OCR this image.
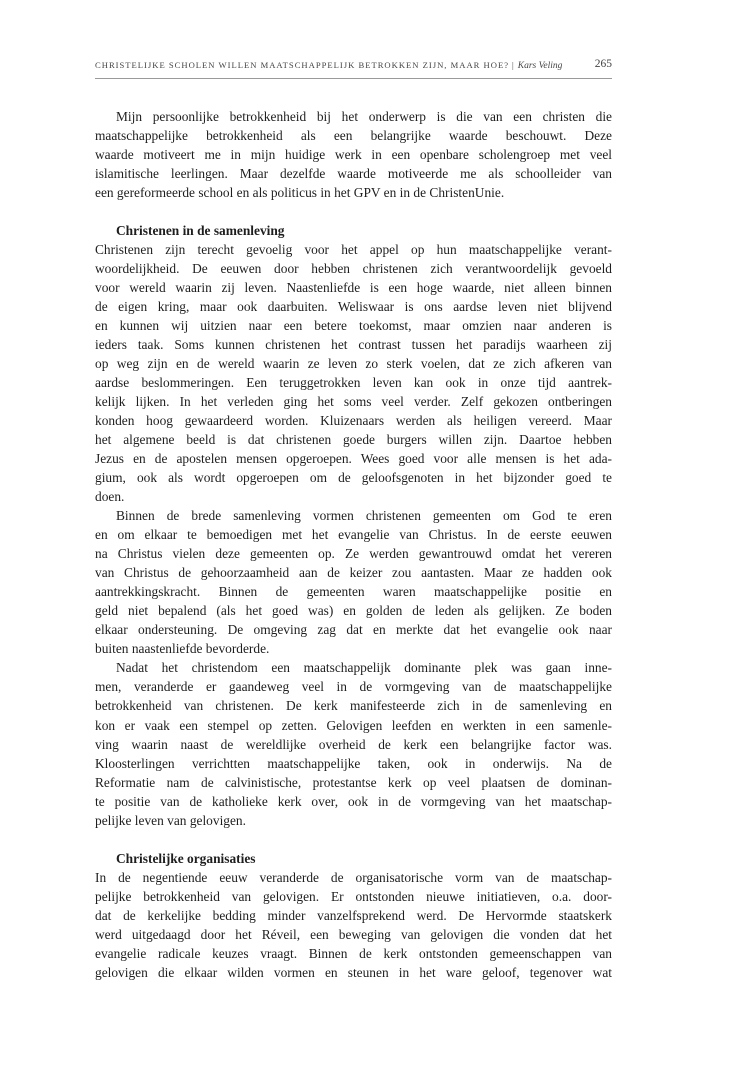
CHRISTELIJKE SCHOLEN WILLEN MAATSCHAPPELIJK BETROKKEN ZIJN, MAAR HOE? | Kars Veling	265
Mijn persoonlijke betrokkenheid bij het onderwerp is die van een christen die
maatschappelijke betrokkenheid als een belangrijke waarde beschouwt. Deze
waarde motiveert me in mijn huidige werk in een openbare scholengroep met veel
islamitische leerlingen. Maar dezelfde waarde motiveerde me als schoolleider van
een gereformeerde school en als politicus in het GPV en in de ChristenUnie.
Christenen in de samenleving
Christenen zijn terecht gevoelig voor het appel op hun maatschappelijke verant-
woordelijkheid. De eeuwen door hebben christenen zich verantwoordelijk gevoeld
voor wereld waarin zij leven. Naastenliefde is een hoge waarde, niet alleen binnen
de eigen kring, maar ook daarbuiten. Weliswaar is ons aardse leven niet blijvend
en kunnen wij uitzien naar een betere toekomst, maar omzien naar anderen is
ieders taak. Soms kunnen christenen het contrast tussen het paradijs waarheen zij
op weg zijn en de wereld waarin ze leven zo sterk voelen, dat ze zich afkeren van
aardse beslommeringen. Een teruggetrokken leven kan ook in onze tijd aantrek-
kelijk lijken. In het verleden ging het soms veel verder. Zelf gekozen ontberingen
konden hoog gewaardeerd worden. Kluizenaars werden als heiligen vereerd. Maar
het algemene beeld is dat christenen goede burgers willen zijn. Daartoe hebben
Jezus en de apostelen mensen opgeroepen. Wees goed voor alle mensen is het ada-
gium, ook als wordt opgeroepen om de geloofsgenoten in het bijzonder goed te
doen.
Binnen de brede samenleving vormen christenen gemeenten om God te eren
en om elkaar te bemoedigen met het evangelie van Christus. In de eerste eeuwen
na Christus vielen deze gemeenten op. Ze werden gewantrouwd omdat het vereren
van Christus de gehoorzaamheid aan de keizer zou aantasten. Maar ze hadden ook
aantrekkingskracht. Binnen de gemeenten waren maatschappelijke positie en
geld niet bepalend (als het goed was) en golden de leden als gelijken. Ze boden
elkaar ondersteuning. De omgeving zag dat en merkte dat het evangelie ook naar
buiten naastenliefde bevorderde.
Nadat het christendom een maatschappelijk dominante plek was gaan inne-
men, veranderde er gaandeweg veel in de vormgeving van de maatschappelijke
betrokkenheid van christenen. De kerk manifesteerde zich in de samenleving en
kon er vaak een stempel op zetten. Gelovigen leefden en werkten in een samenle-
ving waarin naast de wereldlijke overheid de kerk een belangrijke factor was.
Kloosterlingen verrichtten maatschappelijke taken, ook in onderwijs. Na de
Reformatie nam de calvinistische, protestantse kerk op veel plaatsen de dominan-
te positie van de katholieke kerk over, ook in de vormgeving van het maatschap-
pelijke leven van gelovigen.
Christelijke organisaties
In de negentiende eeuw veranderde de organisatorische vorm van de maatschap-
pelijke betrokkenheid van gelovigen. Er ontstonden nieuwe initiatieven, o.a. door-
dat de kerkelijke bedding minder vanzelfsprekend werd. De Hervormde staatskerk
werd uitgedaagd door het Réveil, een beweging van gelovigen die vonden dat het
evangelie radicale keuzes vraagt. Binnen de kerk ontstonden gemeenschappen van
gelovigen die elkaar wilden vormen en steunen in het ware geloof, tegenover wat
